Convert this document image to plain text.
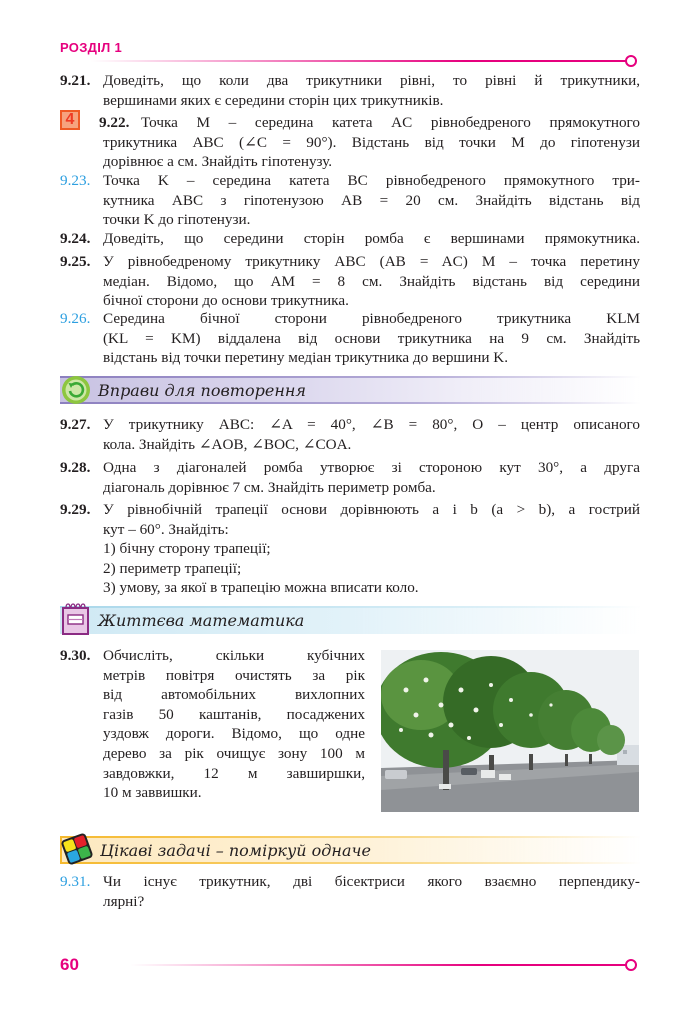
РОЗДІЛ 1
9.21. Доведіть, що коли два трикутники рівні, то рівні й трикутники,
вершинами яких є середини сторін цих трикутників.
4	9.22. Точка M – середина катета AC рівнобедреного прямокутного
трикутника ABC (∠C = 90°). Відстань від точки M до гіпотенузи
дорівнює a см. Знайдіть гіпотенузу.
9.23. Точка K – середина катета BC рівнобедреного прямокутного три-
кутника ABC з гіпотенузою AB = 20 см. Знайдіть відстань від
точки K до гіпотенузи.
9.24. Доведіть, що середини сторін ромба є вершинами прямокутника.
9.25. У рівнобедреному трикутнику ABC (AB = AC) M – точка перетину
медіан. Відомо, що AM = 8 см. Знайдіть відстань від середини
бічної сторони до основи трикутника.
9.26. Середина бічної сторони рівнобедреного трикутника KLM
(KL = KM) віддалена від основи трикутника на 9 см. Знайдіть
відстань від точки перетину медіан трикутника до вершини K.
Вправи для повторення
9.27. У трикутнику ABC: ∠A = 40°, ∠B = 80°, O – центр описаного
кола. Знайдіть ∠AOB, ∠BOC, ∠COA.
9.28. Одна з діагоналей ромба утворює зі стороною кут 30°, а друга
діагональ дорівнює 7 см. Знайдіть периметр ромба.
9.29. У рівнобічній трапеції основи дорівнюють a і b (a > b), а гострий
кут – 60°. Знайдіть:
1) бічну сторону трапеції;
2) периметр трапеції;
3) умову, за якої в трапецію можна вписати коло.
Життєва математика
9.30. Обчисліть, скільки кубічних
метрів повітря очистять за рік
від автомобільних вихлопних
газів 50 каштанів, посаджених
уздовж дороги. Відомо, що одне
дерево за рік очищує зону 100 м
завдовжки, 12 м завширшки,
10 м заввишки.
Цікаві задачі – поміркуй одначе
9.31. Чи існує трикутник, дві бісектриси якого взаємно перпендику-
лярні?
60
